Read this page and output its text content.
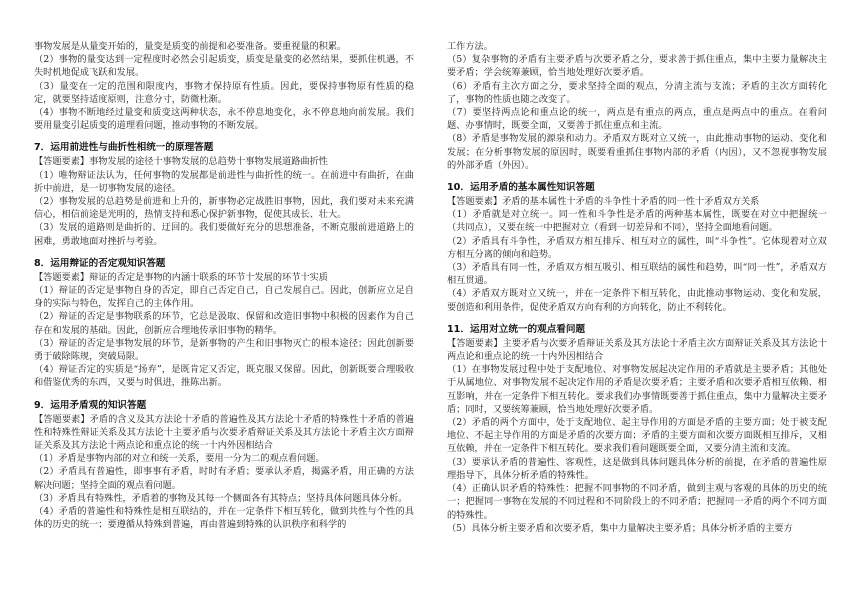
事物发展是从量变开始的，量变是质变的前提和必要准备。要重视量的积累。

（2）事物的量变达到一定程度时必然会引起质变，质变是量变的必然结果，要抓住机遇，不失时机地促成飞跃和发展。

（3）量变在一定的范围和限度内，事物才保持原有性质。因此，要保持事物原有性质的稳定，就要坚持适度原则，注意分寸，防微杜渐。

（4）事物不断地经过量变和质变这两种状态，永不停息地变化，永不停息地向前发展。我们要用量变引起质变的道理看问题，推动事物的不断发展。

7．运用前进性与曲折性相统一的原理答题

【答题要素】事物发展的途径十事物发展的总趋势十事物发展道路曲折性

（1）唯物辩证法认为，任何事物的发展都是前进性与曲折性的统一。在前进中有曲折，在曲折中前进，是一切事物发展的途径。

（2）事物发展的总趋势是前进和上升的，新事物必定战胜旧事物，因此，我们要对未来充满信心，相信前途是光明的，热情支持和悉心保护新事物，促使其成长、壮大。

（3）发展的道路则是曲折的、迂回的。我们要做好充分的思想准备，不断克服前进道路上的困难，勇敢地面对挫折与考验。

8．运用辩证的否定观知识答题

【答题要素】辩证的否定是事物的内涵十联系的环节十发展的环节十实质

（1）辩证的否定是事物自身的否定，即自己否定自己，自己发展自己。因此，创新应立足自身的实际与特色，发挥自己的主体作用。

（2）辩证的否定是事物联系的环节，它总是汲取、保留和改造旧事物中积极的因素作为自己存在和发展的基础。因此，创新应合理地传承旧事物的精华。

（3）辩证的否定是事物发展的环节，是新事物的产生和旧事物灭亡的根本途径；因此创新要勇于破除陈规，突破局限。

（4）辩证否定的实质是“扬弃”，是既肯定又否定，既克服又保留。因此，创新既要合理吸收和借鉴优秀的东西，又要与时俱进，推陈出新。

9．运用矛盾观的知识答题

【答题要素】矛盾的含义及其方法论十矛盾的普遍性及其方法论十矛盾的特殊性十矛盾的普遍性和特殊性辩证关系及其方法论十主要矛盾与次要矛盾辩证关系及其方法论十矛盾主次方面辩证关系及其方法论十两点论和重点论的统一十内外因相结合

（1）矛盾是事物内部的对立和统一关系，要用一分为二的观点看问题。

（2）矛盾具有普遍性，即事事有矛盾，时时有矛盾；要承认矛盾，揭露矛盾，用正确的方法解决问题；坚持全面的观点看问题。

（3）矛盾具有特殊性，矛盾着的事物及其每一个侧面各有其特点；坚持具体问题具体分析。

（4）矛盾的普遍性和特殊性是相互联结的，并在一定条件下相互转化，做到共性与个性的具体的历史的统一；要遵循从特殊到普遍，再由普遍到特殊的认识秩序和科学的

工作方法。

（5）复杂事物的矛盾有主要矛盾与次要矛盾之分，要求善于抓住重点，集中主要力量解决主要矛盾；学会统筹兼顾，恰当地处理好次要矛盾。

（6）矛盾有主次方面之分，要求坚持全面的观点，分清主流与支流；矛盾的主次方面转化了，事物的性质也随之改变了。

（7）要坚持两点论和重点论的统一，两点是有重点的两点，重点是两点中的重点。在看问题、办事情时，既要全面，又要善于抓住重点和主流。

（8）矛盾是事物发展的源泉和动力。矛盾双方既对立又统一，由此推动事物的运动、变化和发展；在分析事物发展的原因时，既要看重抓住事物内部的矛盾（内因），又不忽视事物发展的外部矛盾（外因）。

10．运用矛盾的基本属性知识答题

【答题要素】矛盾的基本属性十矛盾的斗争性十矛盾的同一性十矛盾双方关系

（1）矛盾就是对立统一。同一性和斗争性是矛盾的两种基本属性，既要在对立中把握统一（共同点），又要在统一中把握对立（看到一切差异和不同），坚持全面地看问题。

（2）矛盾具有斗争性，矛盾双方相互排斥、相互对立的属性，叫“斗争性”。它体现着对立双方相互分离的倾向和趋势。

（3）矛盾具有同一性，矛盾双方相互吸引、相互联结的属性和趋势，叫“同一性”，矛盾双方相互贯通。

（4）矛盾双方既对立又统一，并在一定条件下相互转化，由此推动事物运动、变化和发展，要创造和利用条件，促使矛盾双方向有利的方向转化，防止不利转化。

11．运用对立统一的观点看问题

【答题要素】主要矛盾与次要矛盾辩证关系及其方法论十矛盾主次方面辩证关系及其方法论十两点论和重点论的统一十内外因相结合

（1）在事物发展过程中处于支配地位、对事物发展起决定作用的矛盾就是主要矛盾；其他处于从属地位、对事物发展不起决定作用的矛盾是次要矛盾；主要矛盾和次要矛盾相互依赖、相互影响，并在一定条件下相互转化。要求我们办事情既要善于抓住重点，集中力量解决主要矛盾；同时，又要统筹兼顾，恰当地处理好次要矛盾。

（2）矛盾的两个方面中，处于支配地位、起主导作用的方面是矛盾的主要方面；处于被支配地位、不起主导作用的方面是矛盾的次要方面；矛盾的主要方面和次要方面既相互排斥，又相互依赖，并在一定条件下相互转化。要求我们看问题既要全面，又要分清主流和支流。

（3）要承认矛盾的普遍性、客观性，这是做到具体问题具体分析的前提，在矛盾的普遍性原理指导下，具体分析矛盾的特殊性。

（4）正确认识矛盾的特殊性：把握不同事物的不同矛盾，做到主观与客观的具体的历史的统一；把握同一事物在发展的不同过程和不同阶段上的不同矛盾；把握同一矛盾的两个不同方面的特殊性。

（5）具体分析主要矛盾和次要矛盾，集中力量解决主要矛盾；具体分析矛盾的主要方
